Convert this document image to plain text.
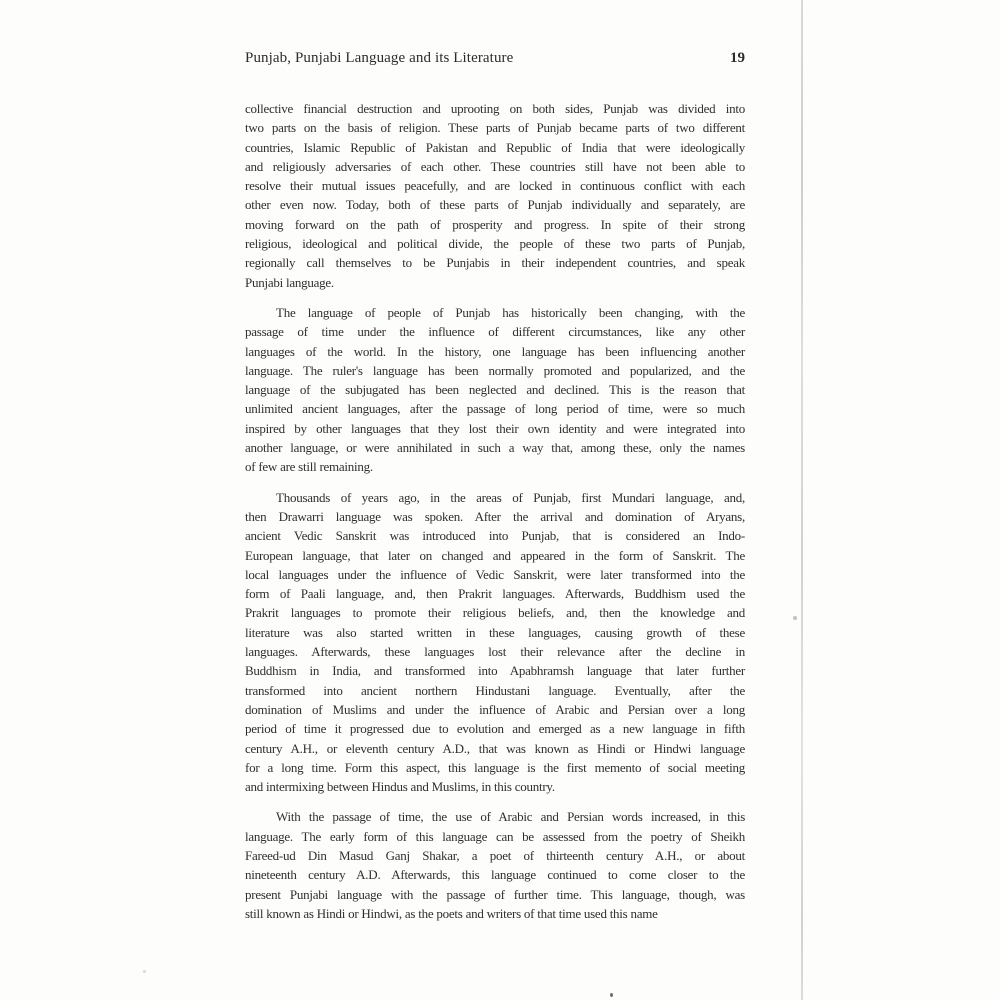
Punjab, Punjabi Language and its Literature	19
collective financial destruction and uprooting on both sides, Punjab was divided into
two parts on the basis of religion. These parts of Punjab became parts of two different
countries, Islamic Republic of Pakistan and Republic of India that were ideologically
and religiously adversaries of each other. These countries still have not been able to
resolve their mutual issues peacefully, and are locked in continuous conflict with each
other even now. Today, both of these parts of Punjab individually and separately, are
moving forward on the path of prosperity and progress. In spite of their strong
religious, ideological and political divide, the people of these two parts of Punjab,
regionally call themselves to be Punjabis in their independent countries, and speak
Punjabi language.
The language of people of Punjab has historically been changing, with the
passage of time under the influence of different circumstances, like any other
languages of the world. In the history, one language has been influencing another
language. The ruler's language has been normally promoted and popularized, and the
language of the subjugated has been neglected and declined. This is the reason that
unlimited ancient languages, after the passage of long period of time, were so much
inspired by other languages that they lost their own identity and were integrated into
another language, or were annihilated in such a way that, among these, only the names
of few are still remaining.
Thousands of years ago, in the areas of Punjab, first Mundari language, and,
then Drawarri language was spoken. After the arrival and domination of Aryans,
ancient Vedic Sanskrit was introduced into Punjab, that is considered an Indo-
European language, that later on changed and appeared in the form of Sanskrit. The
local languages under the influence of Vedic Sanskrit, were later transformed into the
form of Paali language, and, then Prakrit languages. Afterwards, Buddhism used the
Prakrit languages to promote their religious beliefs, and, then the knowledge and
literature was also started written in these languages, causing growth of these
languages. Afterwards, these languages lost their relevance after the decline in
Buddhism in India, and transformed into Apabhramsh language that later further
transformed into ancient northern Hindustani language. Eventually, after the
domination of Muslims and under the influence of Arabic and Persian over a long
period of time it progressed due to evolution and emerged as a new language in fifth
century A.H., or eleventh century A.D., that was known as Hindi or Hindwi language
for a long time. Form this aspect, this language is the first memento of social meeting
and intermixing between Hindus and Muslims, in this country.
With the passage of time, the use of Arabic and Persian words increased, in this
language. The early form of this language can be assessed from the poetry of Sheikh
Fareed-ud Din Masud Ganj Shakar, a poet of thirteenth century A.H., or about
nineteenth century A.D. Afterwards, this language continued to come closer to the
present Punjabi language with the passage of further time. This language, though, was
still known as Hindi or Hindwi, as the poets and writers of that time used this name
